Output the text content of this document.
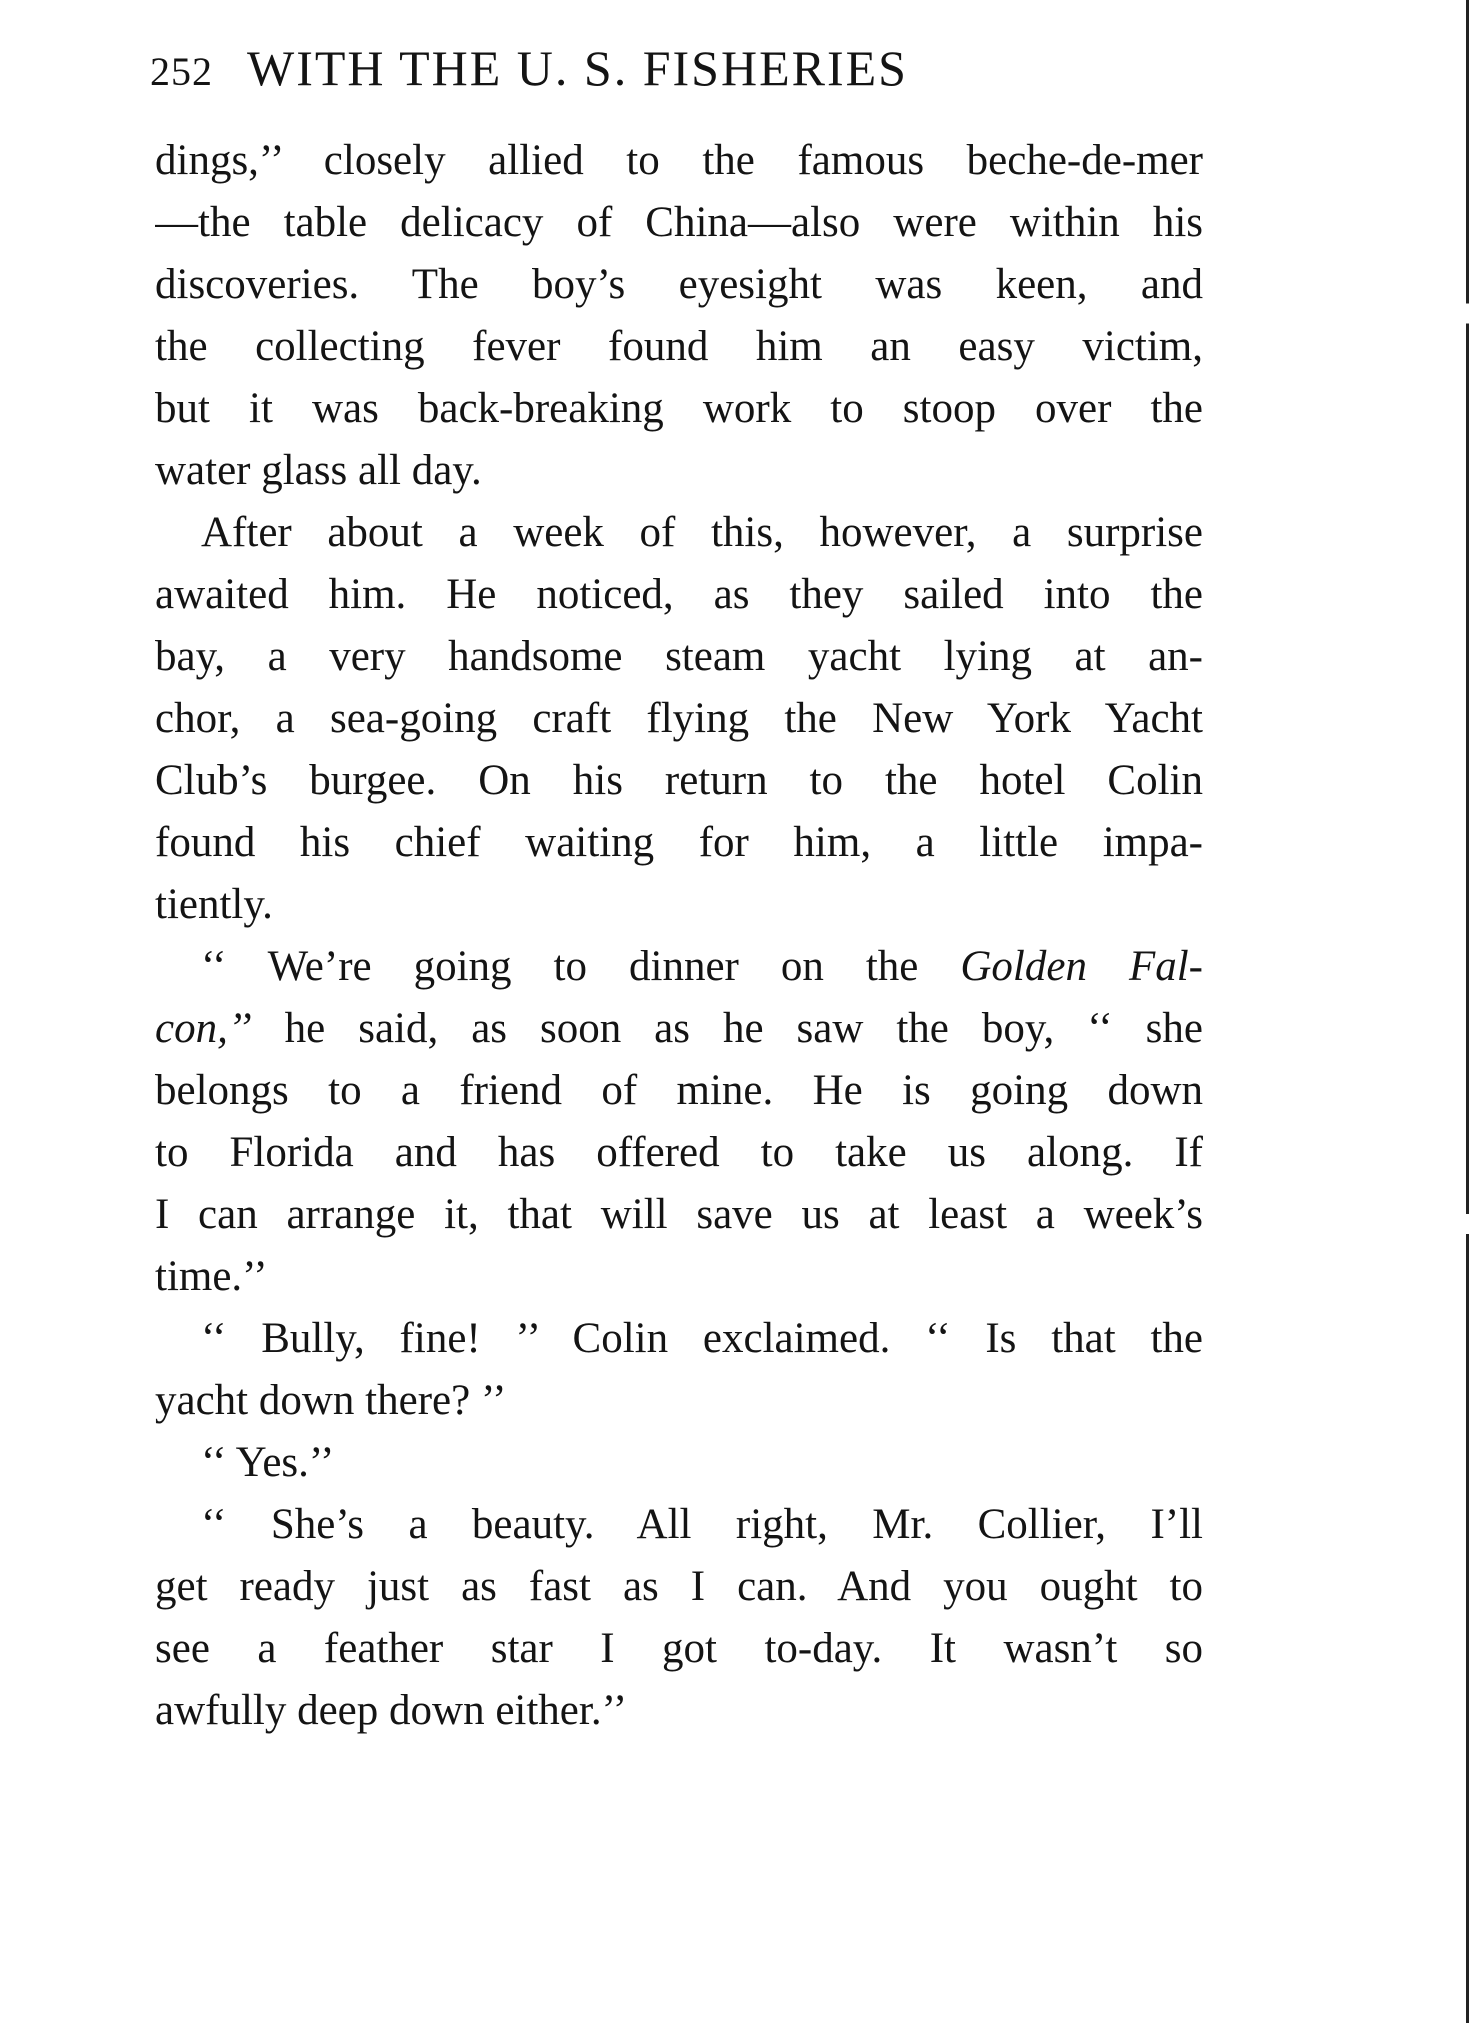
252 WITH THE U. S. FISHERIES
dings,’’ closely allied to the famous beche-de-mer
—the table delicacy of China—also were within his
discoveries. The boy’s eyesight was keen, and
the collecting fever found him an easy victim,
but it was back-breaking work to stoop over the
water glass all day.
After about a week of this, however, a surprise
awaited him. He noticed, as they sailed into the
bay, a very handsome steam yacht lying at an-
chor, a sea-going craft flying the New York Yacht
Club’s burgee. On his return to the hotel Colin
found his chief waiting for him, a little impa-
tiently.
‘‘ We’re going to dinner on the Golden Fal-
con,’’ he said, as soon as he saw the boy, ‘‘ she
belongs to a friend of mine. He is going down
to Florida and has offered to take us along. If
I can arrange it, that will save us at least a week’s
time.’’
‘‘ Bully, fine! ’’ Colin exclaimed. ‘‘ Is that the
yacht down there? ’’
‘‘ Yes.’’
‘‘ She’s a beauty. All right, Mr. Collier, I’ll
get ready just as fast as I can. And you ought to
see a feather star I got to-day. It wasn’t so
awfully deep down either.’’
